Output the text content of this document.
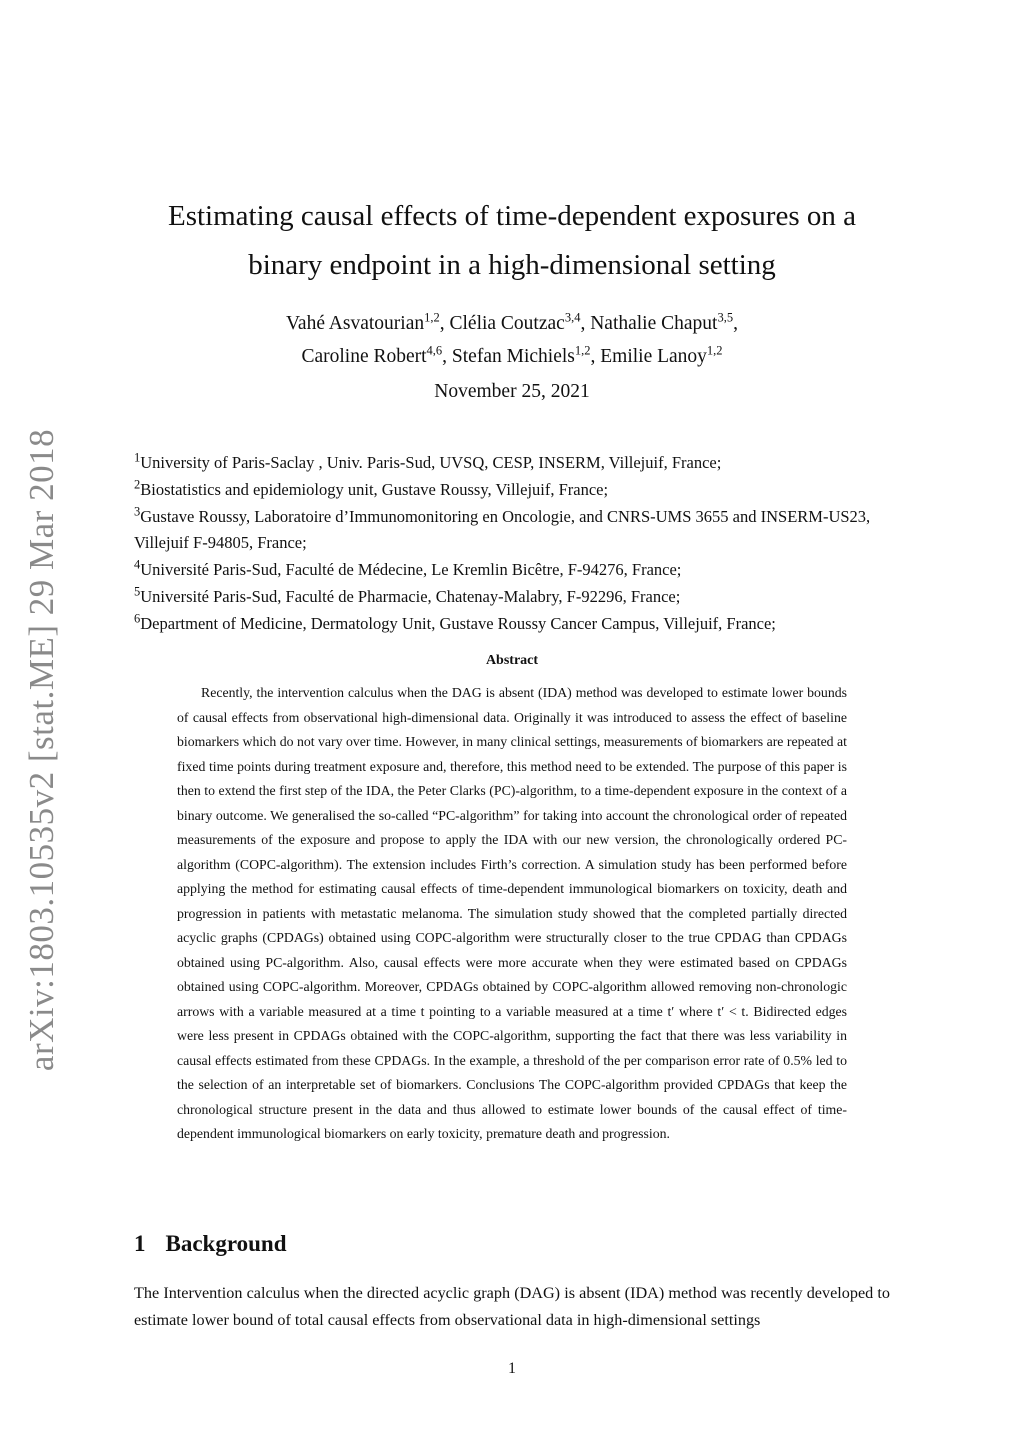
arXiv:1803.10535v2 [stat.ME] 29 Mar 2018
Estimating causal effects of time-dependent exposures on a binary endpoint in a high-dimensional setting
Vahé Asvatourian$^{1,2}$, Clélia Coutzac$^{3,4}$, Nathalie Chaput$^{3,5}$,
Caroline Robert$^{4,6}$, Stefan Michiels$^{1,2}$, Emilie Lanoy$^{1,2}$
November 25, 2021

$^1$University of Paris-Saclay , Univ. Paris-Sud, UVSQ, CESP, INSERM, Villejuif, France;

$^2$Biostatistics and epidemiology unit, Gustave Roussy, Villejuif, France;

$^3$Gustave Roussy, Laboratoire d’Immunomonitoring en Oncologie, and CNRS-UMS 3655 and INSERM-US23, Villejuif F-94805, France;

$^4$Université Paris-Sud, Faculté de Médecine, Le Kremlin Bicêtre, F-94276, France;

$^5$Université Paris-Sud, Faculté de Pharmacie, Chatenay-Malabry, F-92296, France;

$^6$Department of Medicine, Dermatology Unit, Gustave Roussy Cancer Campus, Villejuif, France;

Abstract
Recently, the intervention calculus when the DAG is absent (IDA) method was developed to estimate lower bounds of causal effects from observational high-dimensional data. Originally it was introduced to assess the effect of baseline biomarkers which do not vary over time. However, in many clinical settings, measurements of biomarkers are repeated at fixed time points during treatment exposure and, therefore, this method need to be extended. The purpose of this paper is then to extend the first step of the IDA, the Peter Clarks (PC)-algorithm, to a time-dependent exposure in the context of a binary outcome. We generalised the so-called “PC-algorithm” for taking into account the chronological order of repeated measurements of the exposure and propose to apply the IDA with our new version, the chronologically ordered PC-algorithm (COPC-algorithm). The extension includes Firth’s correction. A simulation study has been performed before applying the method for estimating causal effects of time-dependent immunological biomarkers on toxicity, death and progression in patients with metastatic melanoma. The simulation study showed that the completed partially directed acyclic graphs (CPDAGs) obtained using COPC-algorithm were structurally closer to the true CPDAG than CPDAGs obtained using PC-algorithm. Also, causal effects were more accurate when they were estimated based on CPDAGs obtained using COPC-algorithm. Moreover, CPDAGs obtained by COPC-algorithm allowed removing non-chronologic arrows with a variable measured at a time t pointing to a variable measured at a time t′ where t′ < t. Bidirected edges were less present in CPDAGs obtained with the COPC-algorithm, supporting the fact that there was less variability in causal effects estimated from these CPDAGs. In the example, a threshold of the per comparison error rate of 0.5% led to the selection of an interpretable set of biomarkers. Conclusions The COPC-algorithm provided CPDAGs that keep the chronological structure present in the data and thus allowed to estimate lower bounds of the causal effect of time-dependent immunological biomarkers on early toxicity, premature death and progression.
1 Background
The Intervention calculus when the directed acyclic graph (DAG) is absent (IDA) method was recently developed to estimate lower bound of total causal effects from observational data in high-dimensional settings
1
